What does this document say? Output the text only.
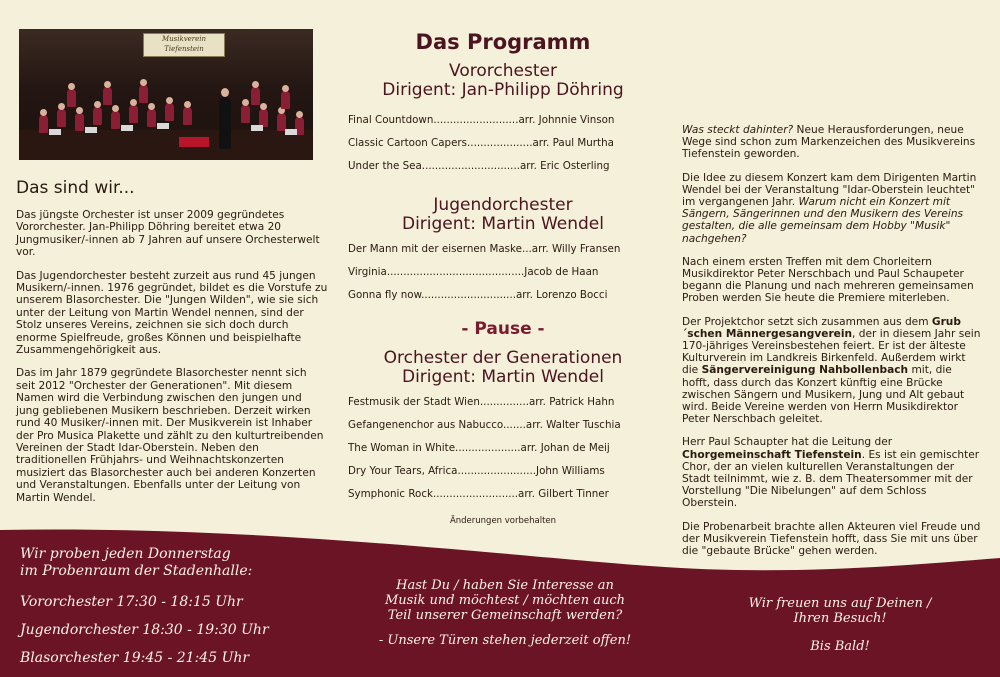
Musikverein Tiefenstein
Das sind wir...

Das jüngste Orchester ist unser 2009 gegründetes Vororchester. Jan-Philipp Döhring bereitet etwa 20 Jungmusiker/-innen ab 7 Jahren auf unsere Orchesterwelt vor.

Das Jugendorchester besteht zurzeit aus rund 45 jungen Musikern/-innen. 1976 gegründet, bildet es die Vorstufe zu unserem Blasorchester. Die "Jungen Wilden", wie sie sich unter der Leitung von Martin Wendel nennen, sind der Stolz unseres Vereins, zeichnen sie sich doch durch enorme Spielfreude, großes Können und beispielhafte Zusammengehörigkeit aus.

Das im Jahr 1879 gegründete Blasorchester nennt sich seit 2012 "Orchester der Generationen". Mit diesem Namen wird die Verbindung zwischen den jungen und jung gebliebenen Musikern beschrieben. Derzeit wirken rund 40 Musiker/-innen mit. Der Musikverein ist Inhaber der Pro Musica Plakette und zählt zu den kulturtreibenden Vereinen der Stadt Idar-Oberstein. Neben den traditionellen Frühjahrs- und Weihnachtskonzerten musiziert das Blasorchester auch bei anderen Konzerten und Veranstaltungen. Ebenfalls unter der Leitung von Martin Wendel.

Das Programm
Vororchester
Dirigent: Jan-Philipp Döhring
Final Countdown..........................arr. Johnnie Vinson
Classic Cartoon Capers....................arr. Paul Murtha
Under the Sea..............................arr. Eric Osterling
Jugendorchester
Dirigent: Martin Wendel
Der Mann mit der eisernen Maske...arr. Willy Fransen
Virginia..........................................Jacob de Haan
Gonna fly now.............................arr. Lorenzo Bocci
- Pause -
Orchester der Generationen
Dirigent: Martin Wendel
Festmusik der Stadt Wien...............arr. Patrick Hahn
Gefangenenchor aus Nabucco.......arr. Walter Tuschia
The Woman in White....................arr. Johan de Meij
Dry Your Tears, Africa........................John Williams
Symphonic Rock..........................arr. Gilbert Tinner
Änderungen vorbehalten

Was steckt dahinter? Neue Herausforderungen, neue Wege sind schon zum Markenzeichen des Musikvereins Tiefenstein geworden.

Die Idee zu diesem Konzert kam dem Dirigenten Martin Wendel bei der Veranstaltung "Idar-Oberstein leuchtet" im vergangenen Jahr. Warum nicht ein Konzert mit Sängern, Sängerinnen und den Musikern des Vereins gestalten, die alle gemeinsam dem Hobby "Musik" nachgehen?

Nach einem ersten Treffen mit dem Chorleitern Musikdirektor Peter Nerschbach und Paul Schaupeter begann die Planung und nach mehreren gemeinsamen Proben werden Sie heute die Premiere miterleben.

Der Projektchor setzt sich zusammen aus dem Grub´schen Männergesangverein, der in diesem Jahr sein 170-jähriges Vereinsbestehen feiert. Er ist der älteste Kulturverein im Landkreis Birkenfeld. Außerdem wirkt die Sängervereinigung Nahbollenbach mit, die hofft, dass durch das Konzert künftig eine Brücke zwischen Sängern und Musikern, Jung und Alt gebaut wird. Beide Vereine werden von Herrn Musikdirektor Peter Nerschbach geleitet.

Herr Paul Schaupter hat die Leitung der Chorgemeinschaft Tiefenstein. Es ist ein gemischter Chor, der an vielen kulturellen Veranstaltungen der Stadt teilnimmt, wie z. B. dem Theatersommer mit der Vorstellung "Die Nibelungen" auf dem Schloss Oberstein.

Die Probenarbeit brachte allen Akteuren viel Freude und der Musikverein Tiefenstein hofft, dass Sie mit uns über die "gebaute Brücke" gehen werden.

Wir proben jeden Donnerstag
im Probenraum der Stadenhalle:
Vororchester 17:30 - 18:15 Uhr
Jugendorchester 18:30 - 19:30 Uhr
Blasorchester 19:45 - 21:45 Uhr
Hast Du / haben Sie Interesse an
Musik und möchtest / möchten auch
Teil unserer Gemeinschaft werden?
- Unsere Türen stehen jederzeit offen!
Wir freuen uns auf Deinen /
Ihren Besuch!
Bis Bald!
